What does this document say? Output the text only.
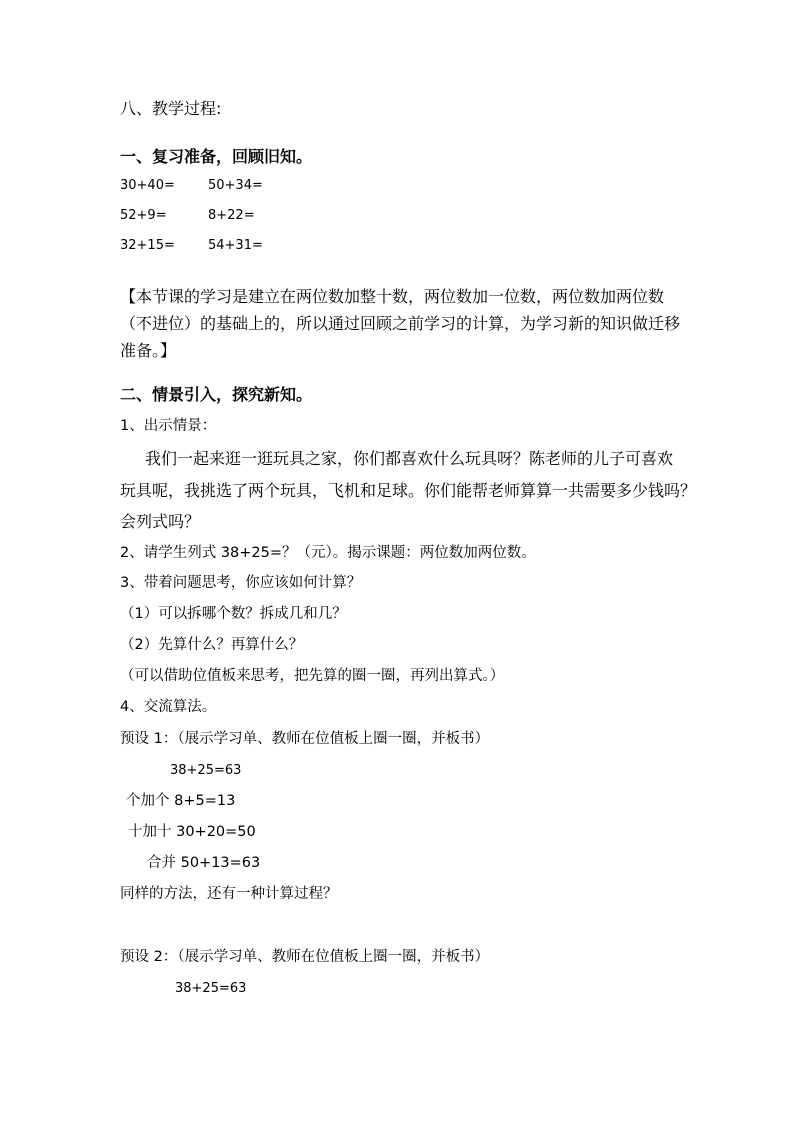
八、教学过程:
一、复习准备，回顾旧知。
30+40=	50+34=
52+9=	8+22=
32+15=	54+31=
【本节课的学习是建立在两位数加整十数，两位数加一位数，两位数加两位数
（不进位）的基础上的，所以通过回顾之前学习的计算，为学习新的知识做迁移
准备。】
二、情景引入，探究新知。
1、出示情景：
我们一起来逛一逛玩具之家，你们都喜欢什么玩具呀？陈老师的儿子可喜欢
玩具呢，我挑选了两个玩具，飞机和足球。你们能帮老师算算一共需要多少钱吗？
会列式吗？
2、请学生列式 38+25=？（元）。揭示课题：两位数加两位数。
3、带着问题思考，你应该如何计算？
（1）可以拆哪个数？拆成几和几？
（2）先算什么？再算什么？
（可以借助位值板来思考，把先算的圈一圈，再列出算式。）
4、交流算法。
预设 1：（展示学习单、教师在位值板上圈一圈，并板书）
38+25=63
个加个 8+5=13
十加十 30+20=50
合并 50+13=63
同样的方法，还有一种计算过程？
预设 2：（展示学习单、教师在位值板上圈一圈，并板书）
38+25=63
